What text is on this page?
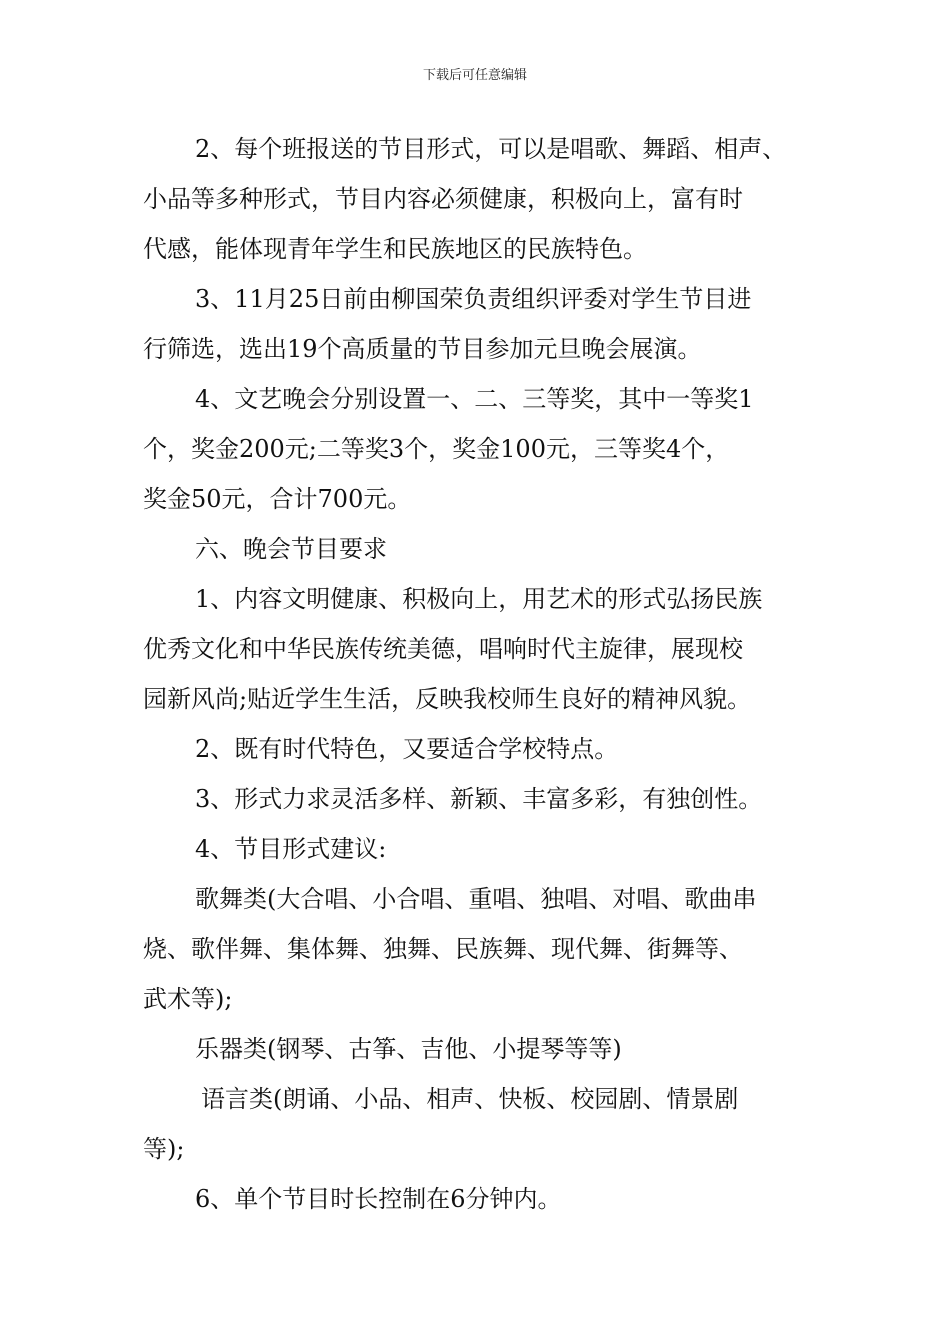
下载后可任意编辑
2、每个班报送的节目形式，可以是唱歌、舞蹈、相声、
小品等多种形式，节目内容必须健康，积极向上，富有时
代感，能体现青年学生和民族地区的民族特色。
3、11月25日前由柳国荣负责组织评委对学生节目进
行筛选，选出19个高质量的节目参加元旦晚会展演。
4、文艺晚会分别设置一、二、三等奖，其中一等奖1
个，奖金200元;二等奖3个，奖金100元，三等奖4个，
奖金50元，合计700元。
六、晚会节目要求
1、内容文明健康、积极向上，用艺术的形式弘扬民族
优秀文化和中华民族传统美德，唱响时代主旋律，展现校
园新风尚;贴近学生生活，反映我校师生良好的精神风貌。
2、既有时代特色，又要适合学校特点。
3、形式力求灵活多样、新颖、丰富多彩，有独创性。
4、节目形式建议:
歌舞类(大合唱、小合唱、重唱、独唱、对唱、歌曲串
烧、歌伴舞、集体舞、独舞、民族舞、现代舞、街舞等、
武术等);
乐器类(钢琴、古筝、吉他、小提琴等等)
语言类(朗诵、小品、相声、快板、校园剧、情景剧
等);
6、单个节目时长控制在6分钟内。
